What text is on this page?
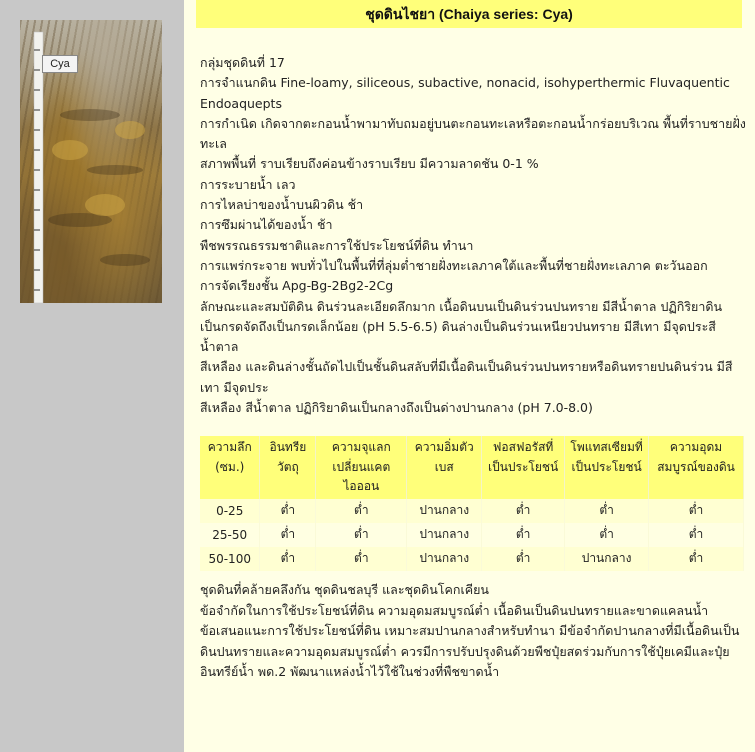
Cya
ชุดดินไชยา (Chaiya series: Cya)

กลุ่มชุดดินที่ 17

การจำแนกดิน Fine-loamy, siliceous, subactive, nonacid, isohyperthermic Fluvaquentic Endoaquepts

การกำเนิด เกิดจากตะกอนน้ำพามาทับถมอยู่บนตะกอนทะเลหรือตะกอนน้ำกร่อยบริเวณ พื้นที่ราบชายฝั่งทะเล

สภาพพื้นที่ ราบเรียบถึงค่อนข้างราบเรียบ มีความลาดชัน 0-1 %

การระบายน้ำ เลว

การไหลบ่าของน้ำบนผิวดิน ช้า

การซึมผ่านได้ของน้ำ ช้า

พืชพรรณธรรมชาติและการใช้ประโยชน์ที่ดิน ทำนา

การแพร่กระจาย พบทั่วไปในพื้นที่ที่ลุ่มต่ำชายฝั่งทะเลภาคใต้และพื้นที่ชายฝั่งทะเลภาค ตะวันออก

การจัดเรียงชั้น Apg-Bg-2Bg2-2Cg

ลักษณะและสมบัติดิน ดินร่วนละเอียดลึกมาก เนื้อดินบนเป็นดินร่วนปนทราย มีสีน้ำตาล ปฏิกิริยาดินเป็นกรดจัดถึงเป็นกรดเล็กน้อย (pH 5.5-6.5) ดินล่างเป็นดินร่วนเหนียวปนทราย มีสีเทา มีจุดประสีน้ำตาล

สีเหลือง และดินล่างชั้นถัดไปเป็นชั้นดินสลับที่มีเนื้อดินเป็นดินร่วนปนทรายหรือดินทรายปนดินร่วน มีสีเทา มีจุดประ

สีเหลือง สีน้ำตาล ปฏิกิริยาดินเป็นกลางถึงเป็นด่างปานกลาง (pH 7.0-8.0)

ความลึก (ซม.)	อินทรียวัตถุ	ความจุแลกเปลี่ยนแคตไอออน	ความอิ่มตัวเบส	ฟอสฟอรัสที่เป็นประโยชน์	โพแทสเซียมที่เป็นประโยชน์	ความอุดมสมบูรณ์ของดิน
0-25	ต่ำ	ต่ำ	ปานกลาง	ต่ำ	ต่ำ	ต่ำ
25-50	ต่ำ	ต่ำ	ปานกลาง	ต่ำ	ต่ำ	ต่ำ
50-100	ต่ำ	ต่ำ	ปานกลาง	ต่ำ	ปานกลาง	ต่ำ

ชุดดินที่คล้ายคลึงกัน ชุดดินชลบุรี และชุดดินโคกเคียน

ข้อจำกัดในการใช้ประโยชน์ที่ดิน ความอุดมสมบูรณ์ต่ำ เนื้อดินเป็นดินปนทรายและขาดแคลนน้ำ

ข้อเสนอแนะการใช้ประโยชน์ที่ดิน เหมาะสมปานกลางสำหรับทำนา มีข้อจำกัดปานกลางที่มีเนื้อดินเป็นดินปนทรายและความอุดมสมบูรณ์ต่ำ ควรมีการปรับปรุงดินด้วยพืชปุ๋ยสดร่วมกับการใช้ปุ๋ยเคมีและปุ๋ยอินทรีย์น้ำ พด.2 พัฒนาแหล่งน้ำไว้ใช้ในช่วงที่พืชขาดน้ำ
